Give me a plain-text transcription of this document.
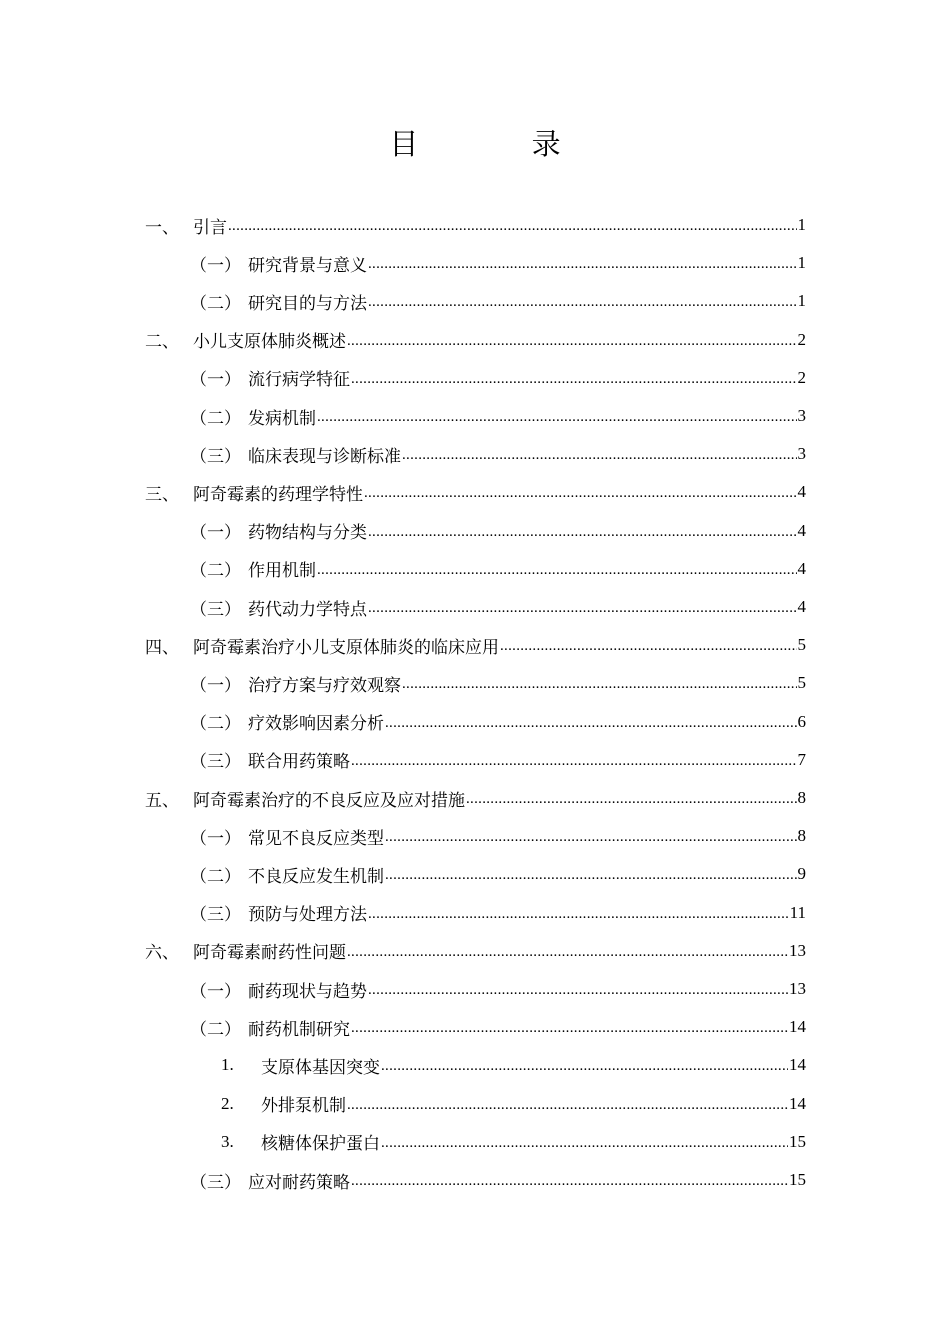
目 录
一、 引言 .....	1
（一） 研究背景与意义 .....	1
（二） 研究目的与方法 .....	1
二、 小儿支原体肺炎概述 .....	2
（一） 流行病学特征 .....	2
（二） 发病机制 .....	3
（三） 临床表现与诊断标准 .....	3
三、 阿奇霉素的药理学特性 .....	4
（一） 药物结构与分类 .....	4
（二） 作用机制 .....	4
（三） 药代动力学特点 .....	4
四、 阿奇霉素治疗小儿支原体肺炎的临床应用 .....	5
（一） 治疗方案与疗效观察 .....	5
（二） 疗效影响因素分析 .....	6
（三） 联合用药策略 .....	7
五、 阿奇霉素治疗的不良反应及应对措施 .....	8
（一） 常见不良反应类型 .....	8
（二） 不良反应发生机制 .....	9
（三） 预防与处理方法 .....	11
六、 阿奇霉素耐药性问题 .....	13
（一） 耐药现状与趋势 .....	13
（二） 耐药机制研究 .....	14
1.	支原体基因突变 .....	14
2.	外排泵机制 .....	14
3.	核糖体保护蛋白 .....	15
（三） 应对耐药策略 .....	15
